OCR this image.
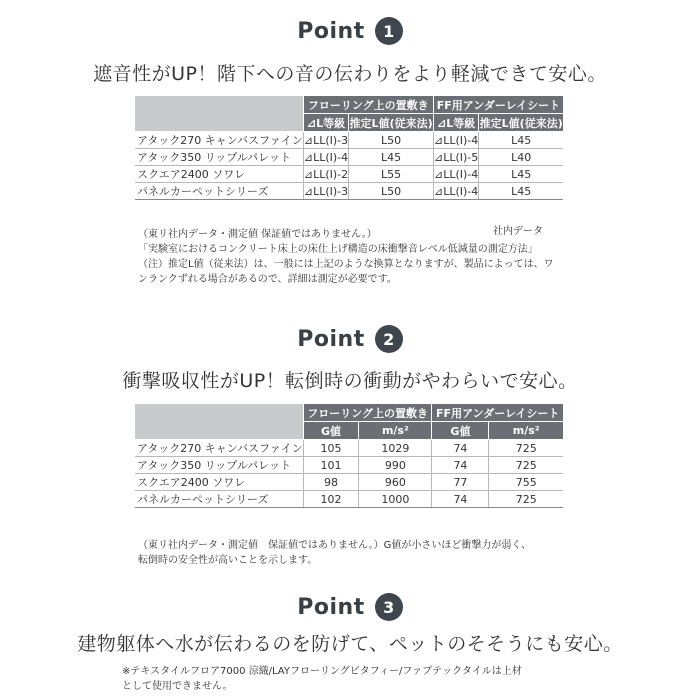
Point	1
遮音性がUP！階下への音の伝わりをより軽減できて安心。
	フローリング上の置敷き		FF用アンダーレイシート	
	⊿L等級	推定L値(従来法)	⊿L等級	推定L値(従来法)
アタック270 キャンバスファイン	⊿LL(Ⅰ)-3	L50	⊿LL(Ⅰ)-4	L45
アタック350 リップルパレット	⊿LL(Ⅰ)-4	L45	⊿LL(Ⅰ)-5	L40
スクエア2400 ソワレ	⊿LL(Ⅰ)-2	L55	⊿LL(Ⅰ)-4	L45
パネルカーペットシリーズ	⊿LL(Ⅰ)-3	L50	⊿LL(Ⅰ)-4	L45
社内データ
（東リ社内データ・測定値 保証値ではありません。）
「実験室におけるコンクリート床上の床仕上げ構造の床衝撃音レベル低減量の測定方法」
（注）推定L値（従来法）は、一般には上記のような換算となりますが、製品によっては、ワ
ンランクずれる場合があるので、詳細は測定が必要です。
Point	2
衝撃吸収性がUP！転倒時の衝動がやわらいで安心。
	フローリング上の置敷き		FF用アンダーレイシート	
	G値	m/s²	G値	m/s²
アタック270 キャンバスファイン	105	1029	74	725
アタック350 リップルパレット	101	990	74	725
スクエア2400 ソワレ	98	960	77	755
パネルカーペットシリーズ	102	1000	74	725
（東リ社内データ・測定値　保証値ではありません。）G値が小さいほど衝撃力が弱く、
転倒時の安全性が高いことを示します。
Point	3
建物躯体へ水が伝わるのを防げて、ペットのそそうにも安心。
※テキスタイルフロア7000 涼織/LAYフローリングビタフィー/ファブテックタイルは上材
として使用できません。
